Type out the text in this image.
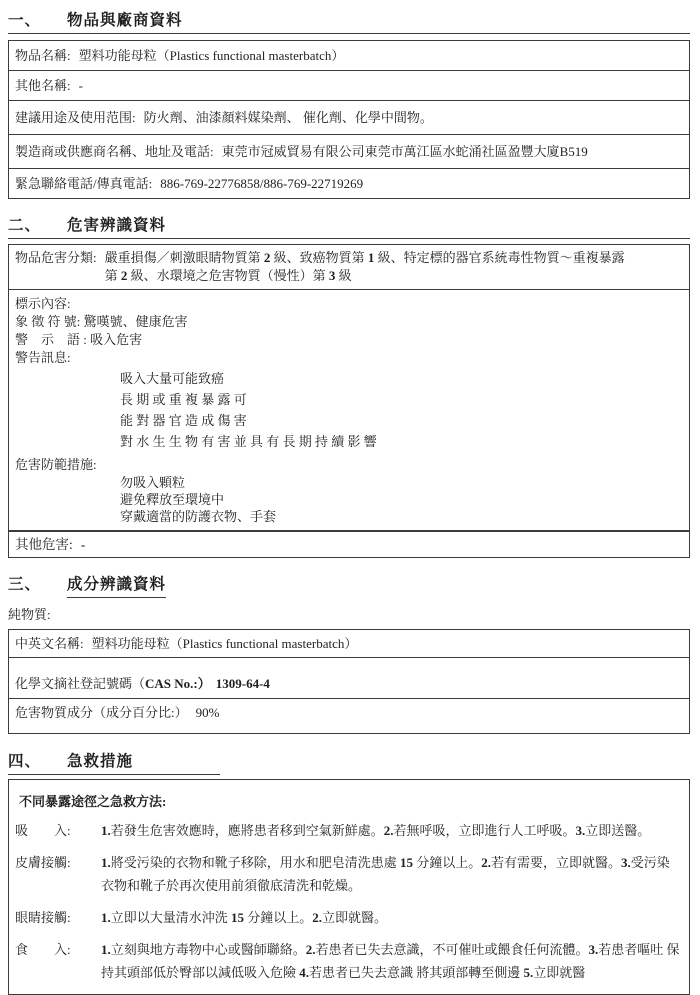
一、 物品與廠商資料
物品名稱: 塑料功能母粒（Plastics functional masterbatch）
其他名稱: -
建議用途及使用范围: 防火劑、油漆顏料媒染劑、 催化劑、化學中間物。
製造商或供應商名稱、地址及電話: 東莞市冠威貿易有限公司東莞市萬江區水蛇涌社區盈豐大廈B519
緊急聯絡電話/傳真電話: 886-769-22776858/886-769-22719269
二、 危害辨識資料
物品危害分類: 嚴重損傷／刺激眼睛物質第 2 級、致癌物質第 1 級、特定標的器官系統毒性物質～重複暴露
第 2 級、水環境之危害物質（慢性）第 3 級
標示內容:
象 徵 符 號: 驚嘆號、健康危害
警　示　語 : 吸入危害
警告訊息:
吸入大量可能致癌
長 期 或 重 複 暴 露 可
能 對 器 官 造 成 傷 害
對 水 生 生 物 有 害 並 具 有 長 期 持 續 影 響
危害防範措施:
勿吸入顆粒
避免釋放至環境中
穿戴適當的防護衣物、手套
其他危害: -
三、 成分辨識資料
純物質:
中英文名稱: 塑料功能母粒（Plastics functional masterbatch）
化學文摘社登記號碼（CAS No.:） 1309-64-4
危害物質成分（成分百分比:） 90%
四、 急救措施
不同暴露途徑之急救方法:
吸　　入:	1.若發生危害效應時，應將患者移到空氣新鮮處。2.若無呼吸，立即進行人工呼吸。3.立即送醫。
皮膚接觸:	1.將受污染的衣物和靴子移除，用水和肥皂清洗患處 15 分鐘以上。2.若有需要，立即就醫。3.受污染衣物和靴子於再次使用前須徹底清洗和乾燥。
眼睛接觸:	1.立即以大量清水沖洗 15 分鐘以上。2.立即就醫。
食　　入:	1.立刻與地方毒物中心或醫師聯絡。2.若患者已失去意識，不可催吐或餵食任何流體。3.若患者嘔吐 保持其頭部低於臀部以減低吸入危險 4.若患者已失去意識 將其頭部轉至側邊 5.立即就醫
